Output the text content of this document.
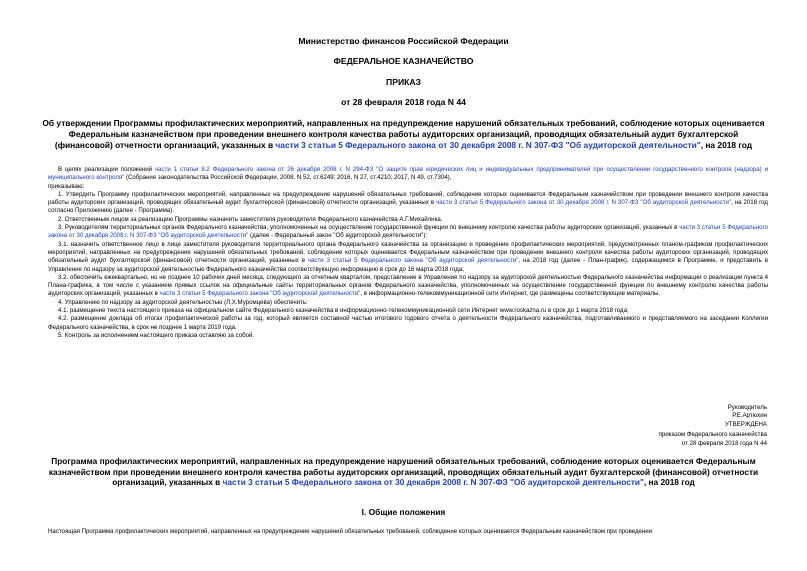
Министерство финансов Российской Федерации
ФЕДЕРАЛЬНОЕ КАЗНАЧЕЙСТВО
ПРИКАЗ
от 28 февраля 2018 года N 44
Об утверждении Программы профилактических мероприятий, направленных на предупреждение нарушений обязательных требований, соблюдение которых оценивается Федеральным казначейством при проведении внешнего контроля качества работы аудиторских организаций, проводящих обязательный аудит бухгалтерской (финансовой) отчетности организаций, указанных в части 3 статьи 5 Федерального закона от 30 декабря 2008 г. N 307-ФЗ "Об аудиторской деятельности", на 2018 год

В целях реализации положений части 1 статьи 8.2 Федерального закона от 26 декабря 2008 г. N 294-ФЗ "О защите прав юридических лиц и индивидуальных предпринимателей при осуществлении государственного контроля (надзора) и муниципального контроля" (Собрание законодательства Российской Федерации, 2008, N 52, ст.6249; 2016, N 27, ст.4210; 2017, N 49, ст.7304),

приказываю:

1. Утвердить Программу профилактических мероприятий, направленных на предупреждение нарушений обязательных требований, соблюдение которых оценивается Федеральным казначейством при проведении внешнего контроля качества работы аудиторских организаций, проводящих обязательный аудит бухгалтерской (финансовой) отчетности организаций, указанных в части 3 статьи 5 Федерального закона от 30 декабря 2008 г. N 307-ФЗ "Об аудиторской деятельности", на 2018 год согласно Приложению (далее - Программа).

2. Ответственным лицом за реализацию Программы назначить заместителя руководителя Федерального казначейства А.Г.Михайлика.

3. Руководителям территориальных органов Федерального казначейства, уполномоченных на осуществление государственной функции по внешнему контролю качества работы аудиторских организаций, указанных в части 3 статьи 5 Федерального закона от 30 декабря 2008 г. N 307-ФЗ "Об аудиторской деятельности" (далее - Федеральный закон "Об аудиторской деятельности"):

3.1. назначить ответственное лицо в лице заместителя руководителя территориального органа Федерального казначейства за организацию и проведение профилактических мероприятий, предусмотренных планом-графиком профилактических мероприятий, направленных на предупреждение нарушений обязательных требований, соблюдение которых оценивается Федеральным казначейством при проведении внешнего контроля качества работы аудиторских организаций, проводящих обязательный аудит бухгалтерской (финансовой) отчетности организаций, указанных в части 3 статьи 5 Федерального закона "Об аудиторской деятельности", на 2018 год (далее - План-график), содержащимся в Программе, и представить в Управление по надзору за аудиторской деятельностью Федерального казначейства соответствующую информацию в срок до 16 марта 2018 года;

3.2. обеспечить ежеквартально, но не позднее 10 рабочих дней месяца, следующего за отчетным кварталом, представление в Управление по надзору за аудиторской деятельностью Федерального казначейства информации о реализации пункта 4 Плана-графика, в том числе с указанием прямых ссылок на официальные сайты территориальных органов Федерального казначейства, уполномоченных на осуществление государственной функции по внешнему контролю качества работы аудиторских организаций, указанных в части 3 статьи 5 Федерального закона "Об аудиторской деятельности", в информационно-телекоммуникационной сети Интернет, где размещены соответствующие материалы.

4. Управлению по надзору за аудиторской деятельностью (Л.Х.Муромцева) обеспечить:

4.1. размещение текста настоящего приказа на официальном сайте Федерального казначейства в информационно-телекоммуникационной сети Интернет www.roskazna.ru в срок до 1 марта 2018 года;

4.2. размещение доклада об итогах профилактической работы за год, который является составной частью итогового годового отчета о деятельности Федерального казначейства, подготавливаемого и представляемого на заседании Коллегии Федерального казначейства, в срок не позднее 1 марта 2019 года.

5. Контроль за исполнением настоящего приказа оставляю за собой.

Руководитель
Р.Е.Артюхин
УТВЕРЖДЕНА
приказом Федерального казначейства
от 28 февраля 2018 года N 44
Программа профилактических мероприятий, направленных на предупреждение нарушений обязательных требований, соблюдение которых оценивается Федеральным казначейством при проведении внешнего контроля качества работы аудиторских организаций, проводящих обязательный аудит бухгалтерской (финансовой) отчетности организаций, указанных в части 3 статьи 5 Федерального закона от 30 декабря 2008 г. N 307-ФЗ "Об аудиторской деятельности", на 2018 год
I. Общие положения
Настоящая Программа профилактических мероприятий, направленных на предупреждение нарушений обязательных требований, соблюдение которых оценивается Федеральным казначейством при проведении
